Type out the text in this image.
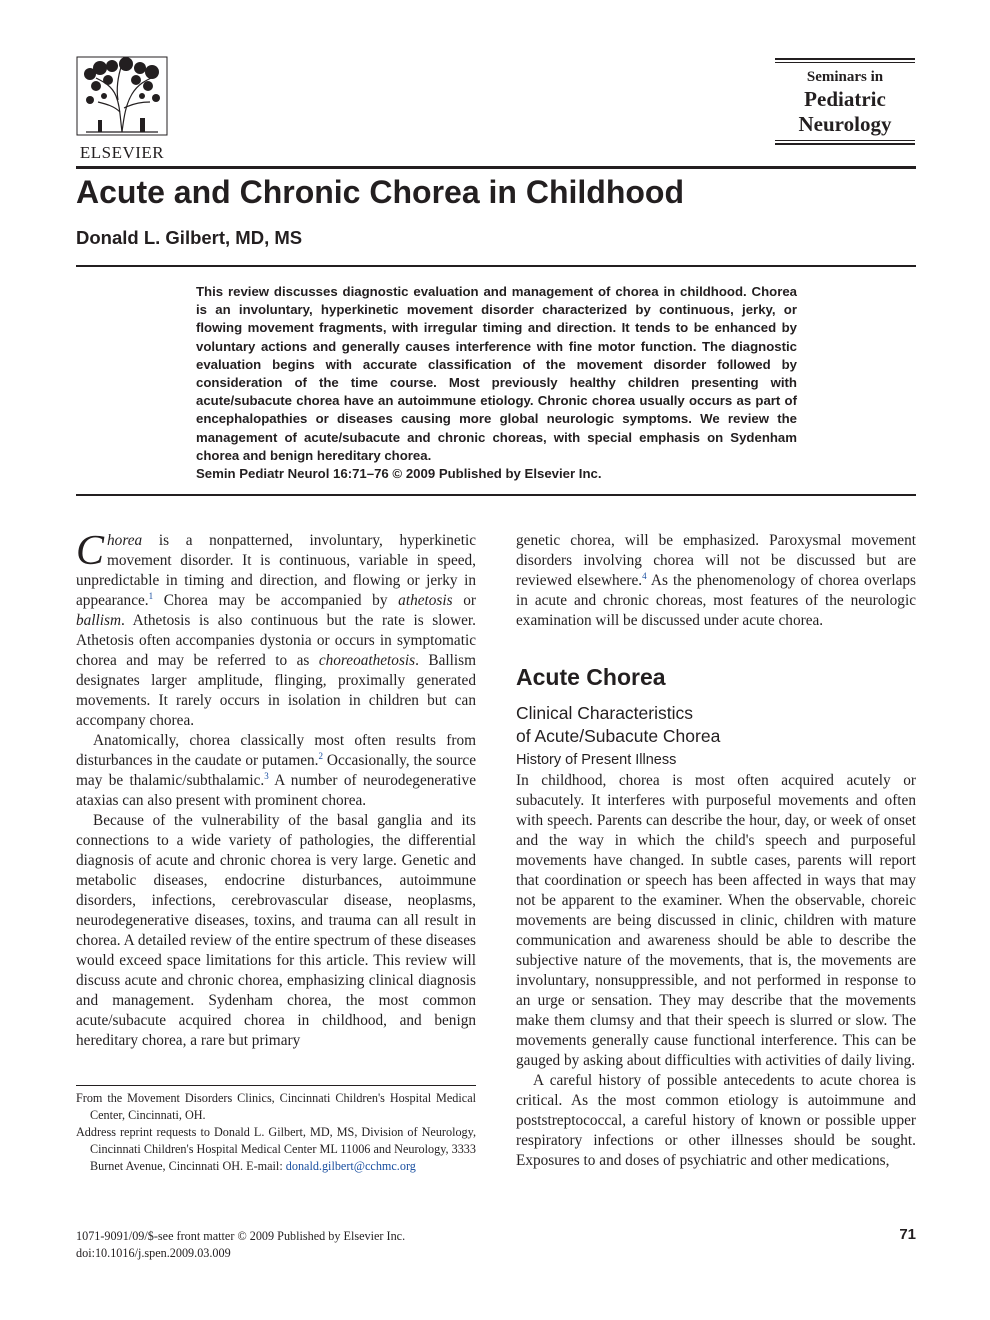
ELSEVIER
Seminars in
Pediatric
Neurology
Acute and Chronic Chorea in Childhood
Donald L. Gilbert, MD, MS
This review discusses diagnostic evaluation and management of chorea in childhood. Chorea is an involuntary, hyperkinetic movement disorder characterized by continuous, jerky, or flowing movement fragments, with irregular timing and direction. It tends to be enhanced by voluntary actions and generally causes interference with fine motor function. The diagnostic evaluation begins with accurate classification of the movement disorder followed by consideration of the time course. Most previously healthy children presenting with acute/subacute chorea have an autoimmune etiology. Chronic chorea usually occurs as part of encephalopathies or diseases causing more global neurologic symptoms. We review the management of acute/subacute and chronic choreas, with special emphasis on Sydenham chorea and benign hereditary chorea.
Semin Pediatr Neurol 16:71–76 © 2009 Published by Elsevier Inc.

Chorea is a nonpatterned, involuntary, hyperkinetic movement disorder. It is continuous, variable in speed, unpredictable in timing and direction, and flowing or jerky in appearance.$^1$ Chorea may be accompanied by athetosis or ballism. Athetosis is also continuous but the rate is slower. Athetosis often accompanies dystonia or occurs in symptomatic chorea and may be referred to as choreoathetosis. Ballism designates larger amplitude, flinging, proximally generated movements. It rarely occurs in isolation in children but can accompany chorea.

Anatomically, chorea classically most often results from disturbances in the caudate or putamen.$^2$ Occasionally, the source may be thalamic/subthalamic.$^3$ A number of neurodegenerative ataxias can also present with prominent chorea.

Because of the vulnerability of the basal ganglia and its connections to a wide variety of pathologies, the differential diagnosis of acute and chronic chorea is very large. Genetic and metabolic diseases, endocrine disturbances, autoimmune disorders, infections, cerebrovascular disease, neoplasms, neurodegenerative diseases, toxins, and trauma can all result in chorea. A detailed review of the entire spectrum of these diseases would exceed space limitations for this article. This review will discuss acute and chronic chorea, emphasizing clinical diagnosis and management. Sydenham chorea, the most common acute/subacute acquired chorea in childhood, and benign hereditary chorea, a rare but primary

From the Movement Disorders Clinics, Cincinnati Children's Hospital Medical Center, Cincinnati, OH.
Address reprint requests to Donald L. Gilbert, MD, MS, Division of Neurology, Cincinnati Children's Hospital Medical Center ML 11006 and Neurology, 3333 Burnet Avenue, Cincinnati OH. E-mail: donald.gilbert@cchmc.org

genetic chorea, will be emphasized. Paroxysmal movement disorders involving chorea will not be discussed but are reviewed elsewhere.$^4$ As the phenomenology of chorea overlaps in acute and chronic choreas, most features of the neurologic examination will be discussed under acute chorea.

Acute Chorea
Clinical Characteristics
of Acute/Subacute Chorea
History of Present Illness

In childhood, chorea is most often acquired acutely or subacutely. It interferes with purposeful movements and often with speech. Parents can describe the hour, day, or week of onset and the way in which the child's speech and purposeful movements have changed. In subtle cases, parents will report that coordination or speech has been affected in ways that may not be apparent to the examiner. When the observable, choreic movements are being discussed in clinic, children with mature communication and awareness should be able to describe the subjective nature of the movements, that is, the movements are involuntary, nonsuppressible, and not performed in response to an urge or sensation. They may describe that the movements make them clumsy and that their speech is slurred or slow. The movements generally cause functional interference. This can be gauged by asking about difficulties with activities of daily living.

A careful history of possible antecedents to acute chorea is critical. As the most common etiology is autoimmune and poststreptococcal, a careful history of known or possible upper respiratory infections or other illnesses should be sought. Exposures to and doses of psychiatric and other medications,

1071-9091/09/$-see front matter © 2009 Published by Elsevier Inc.
doi:10.1016/j.spen.2009.03.009
71
